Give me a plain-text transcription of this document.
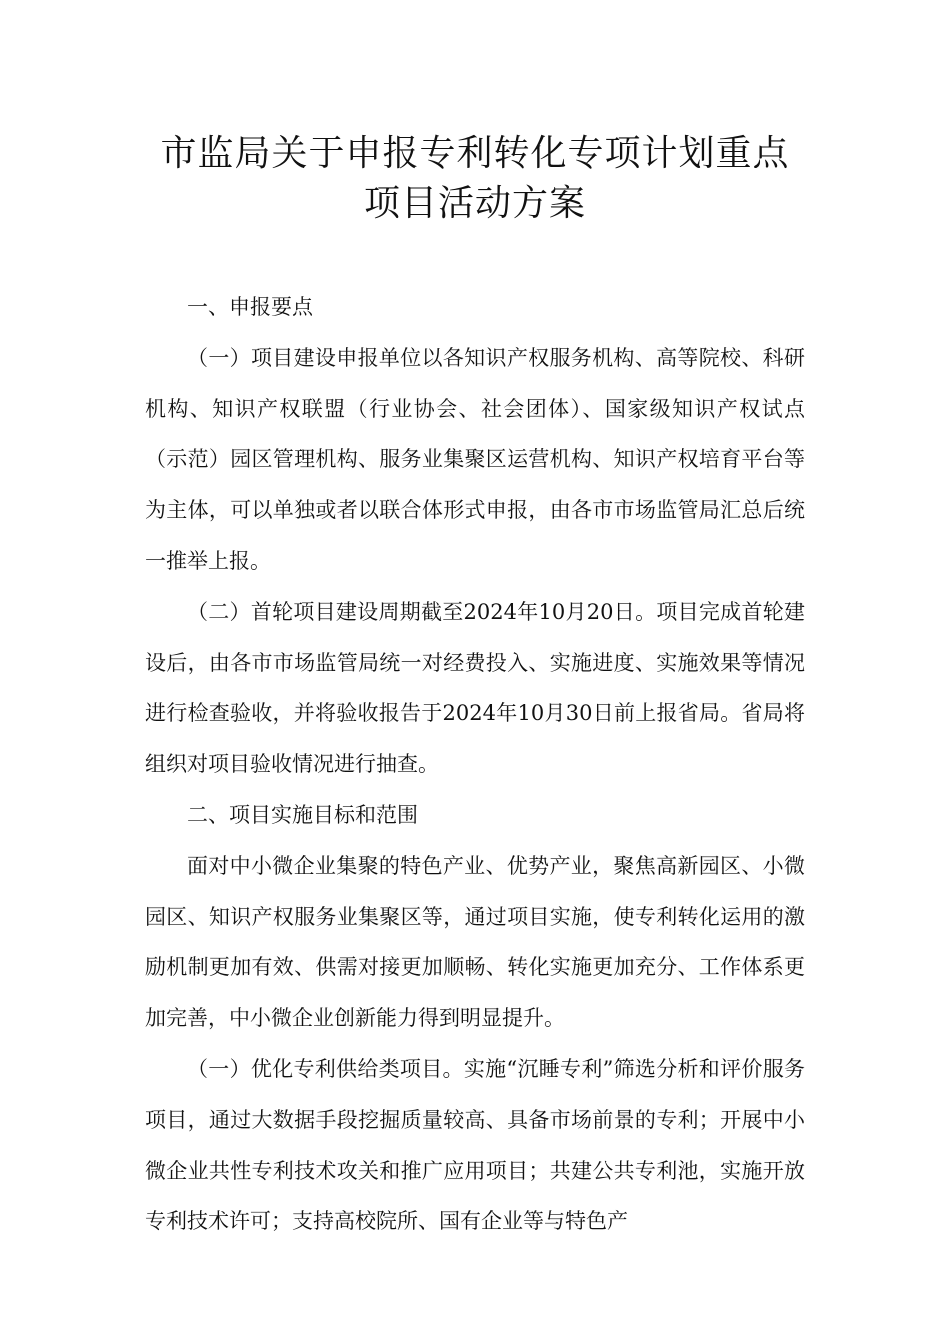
市监局关于申报专利转化专项计划重点
项目活动方案

一、申报要点

（一）项目建设申报单位以各知识产权服务机构、高等院校、科研机构、知识产权联盟（行业协会、社会团体）、国家级知识产权试点（示范）园区管理机构、服务业集聚区运营机构、知识产权培育平台等为主体，可以单独或者以联合体形式申报，由各市市场监管局汇总后统一推举上报。

（二）首轮项目建设周期截至2024年10月20日。项目完成首轮建设后，由各市市场监管局统一对经费投入、实施进度、实施效果等情况进行检查验收，并将验收报告于2024年10月30日前上报省局。省局将组织对项目验收情况进行抽查。

二、项目实施目标和范围

面对中小微企业集聚的特色产业、优势产业，聚焦高新园区、小微园区、知识产权服务业集聚区等，通过项目实施，使专利转化运用的激励机制更加有效、供需对接更加顺畅、转化实施更加充分、工作体系更加完善，中小微企业创新能力得到明显提升。

（一）优化专利供给类项目。实施“沉睡专利”筛选分析和评价服务项目，通过大数据手段挖掘质量较高、具备市场前景的专利；开展中小微企业共性专利技术攻关和推广应用项目；共建公共专利池，实施开放专利技术许可；支持高校院所、国有企业等与特色产
